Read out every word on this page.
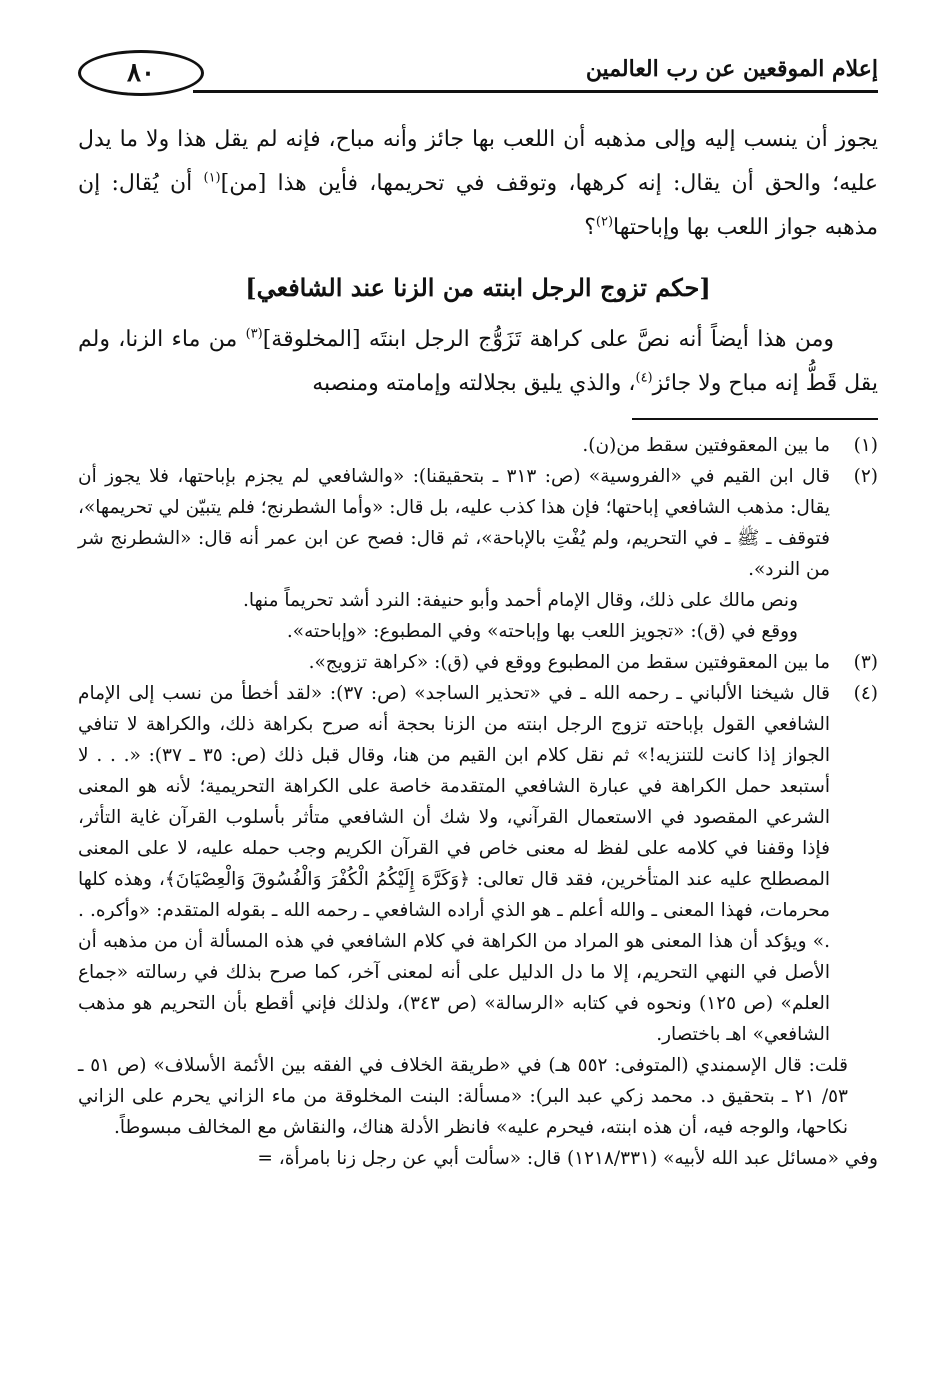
إعلام الموقعين عن رب العالمين
٨٠

يجوز أن ينسب إليه وإلى مذهبه أن اللعب بها جائز وأنه مباح، فإنه لم يقل هذا ولا ما يدل عليه؛ والحق أن يقال: إنه كرهها، وتوقف في تحريمها، فأين هذا [من]$^{(١)}$ أن يُقال: إن مذهبه جواز اللعب بها وإباحتها$^{(٢)}$؟

[حكم تزوج الرجل ابنته من الزنا عند الشافعي]

  ومن هذا أيضاً أنه نصَّ على كراهة تَزَوُّج الرجل ابنتَه [المخلوقة]$^{(٣)}$ من ماء الزنا، ولم يقل قَطُّ إنه مباح ولا جائز$^{(٤)}$، والذي يليق بجلالته وإمامته ومنصبه

(١)
ما بين المعقوفتين سقط من(ن).
(٢)
قال ابن القيم في «الفروسية» (ص: ٣١٣ ـ بتحقيقنا): «والشافعي لم يجزم بإباحتها، فلا يجوز أن يقال: مذهب الشافعي إباحتها؛ فإن هذا كذب عليه، بل قال: «وأما الشطرنج؛ فلم يتبيّن لي تحريمها»، فتوقف ـ ﷺ ـ في التحريم، ولم يُفْتِ بالإباحة»، ثم قال: فصح عن ابن عمر أنه قال: «الشطرنج شر من النرد».
ونص مالك على ذلك، وقال الإمام أحمد وأبو حنيفة: النرد أشد تحريماً منها.
ووقع في (ق): «تجويز اللعب بها وإباحته» وفي المطبوع: «وإباحته».
(٣)
ما بين المعقوفتين سقط من المطبوع ووقع في (ق): «كراهة تزويج».
(٤)
قال شيخنا الألباني ـ رحمه الله ـ في «تحذير الساجد» (ص: ٣٧): «لقد أخطأ من نسب إلى الإمام الشافعي القول بإباحته تزوج الرجل ابنته من الزنا بحجة أنه صرح بكراهة ذلك، والكراهة لا تنافي الجواز إذا كانت للتنزيه!» ثم نقل كلام ابن القيم من هنا، وقال قبل ذلك (ص: ٣٥ ـ ٣٧): «. . . لا أستبعد حمل الكراهة في عبارة الشافعي المتقدمة خاصة على الكراهة التحريمية؛ لأنه هو المعنى الشرعي المقصود في الاستعمال القرآني، ولا شك أن الشافعي متأثر بأسلوب القرآن غاية التأثر، فإذا وقفنا في كلامه على لفظ له معنى خاص في القرآن الكريم وجب حمله عليه، لا على المعنى المصطلح عليه عند المتأخرين، فقد قال تعالى: ﴿وَكَرَّهَ إِلَيْكُمُ الْكُفْرَ وَالْفُسُوقَ وَالْعِصْيَانَ﴾، وهذه كلها محرمات، فهذا المعنى ـ والله أعلم ـ هو الذي أراده الشافعي ـ رحمه الله ـ بقوله المتقدم: «وأكره. . .» ويؤكد أن هذا المعنى هو المراد من الكراهة في كلام الشافعي في هذه المسألة أن من مذهبه أن الأصل في النهي التحريم، إلا ما دل الدليل على أنه لمعنى آخر، كما صرح بذلك في رسالته «جماع العلم» (ص ١٢٥) ونحوه في كتابه «الرسالة» (ص ٣٤٣)، ولذلك فإني أقطع بأن التحريم هو مذهب الشافعي» اهـ باختصار.
قلت: قال الإسمندي (المتوفى: ٥٥٢ هـ) في «طريقة الخلاف في الفقه بين الأئمة الأسلاف» (ص ٥١ ـ ٥٣/ ٢١ ـ بتحقيق د. محمد زكي عبد البر): «مسألة: البنت المخلوقة من ماء الزاني يحرم على الزاني نكاحها، والوجه فيه، أن هذه ابنته، فيحرم عليه» فانظر الأدلة هناك، والنقاش مع المخالف مبسوطاً.
وفي «مسائل عبد الله لأبيه» (١٢١٨/٣٣١) قال: «سألت أبي عن رجل زنا بامرأة، =
